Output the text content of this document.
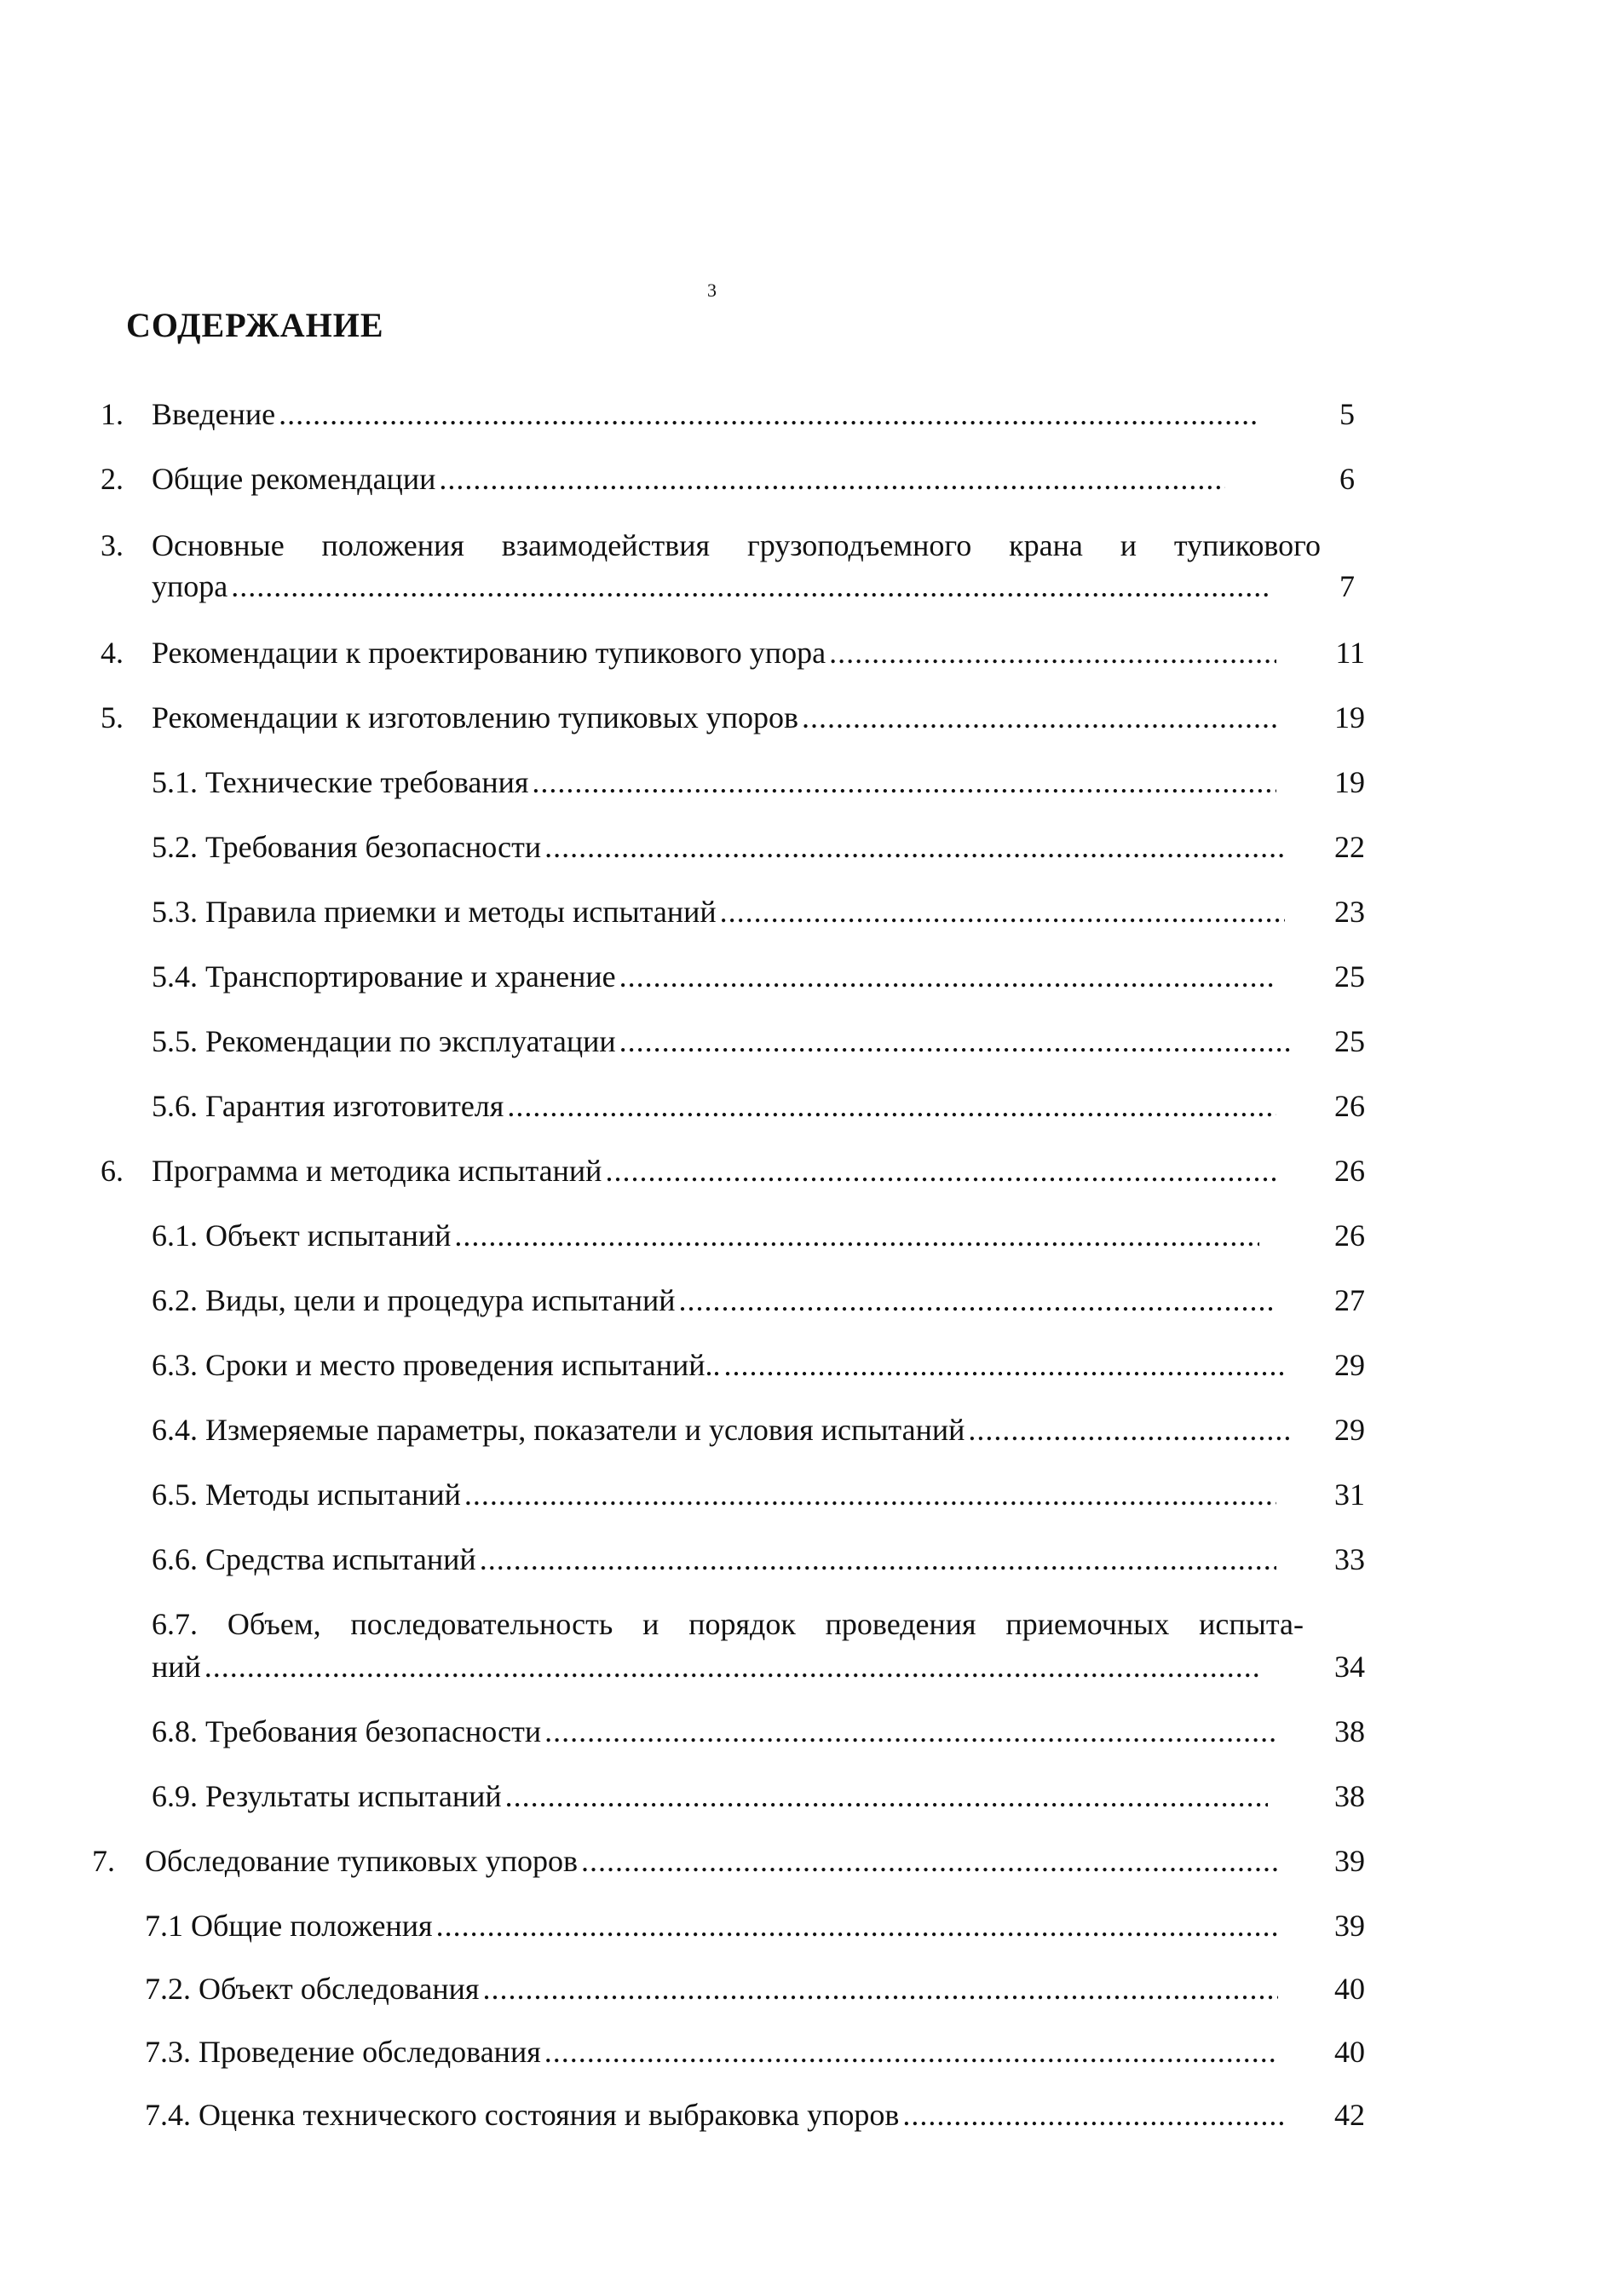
3
СОДЕРЖАНИЕ
1. Введение .....	5
2. Общие рекомендации .....	6
3. Основные положения взаимодействия грузоподъемного крана и тупикового
упора .....	7
4. Рекомендации к проектированию тупикового упора .....	11
5. Рекомендации к изготовлению тупиковых упоров .....	19
5.1. Технические требования .....	19
5.2. Требования безопасности .....	22
5.3. Правила приемки и методы испытаний .....	23
5.4. Транспортирование и хранение .....	25
5.5. Рекомендации по эксплуатации .....	25
5.6. Гарантия изготовителя .....	26
6. Программа и методика испытаний .....	26
6.1. Объект испытаний .....	26
6.2. Виды, цели и процедура испытаний .....	27
6.3. Сроки и место проведения испытаний.. .....	29
6.4. Измеряемые параметры, показатели и условия испытаний .....	29
6.5. Методы испытаний .....	31
6.6. Средства испытаний .....	33
6.7. Объем, последовательность и порядок проведения приемочных испыта-
ний .....	34
6.8. Требования безопасности .....	38
6.9. Результаты испытаний .....	38
7. Обследование тупиковых упоров .....	39
7.1 Общие положения .....	39
7.2. Объект обследования .....	40
7.3. Проведение обследования .....	40
7.4. Оценка технического состояния и выбраковка упоров .....	42
